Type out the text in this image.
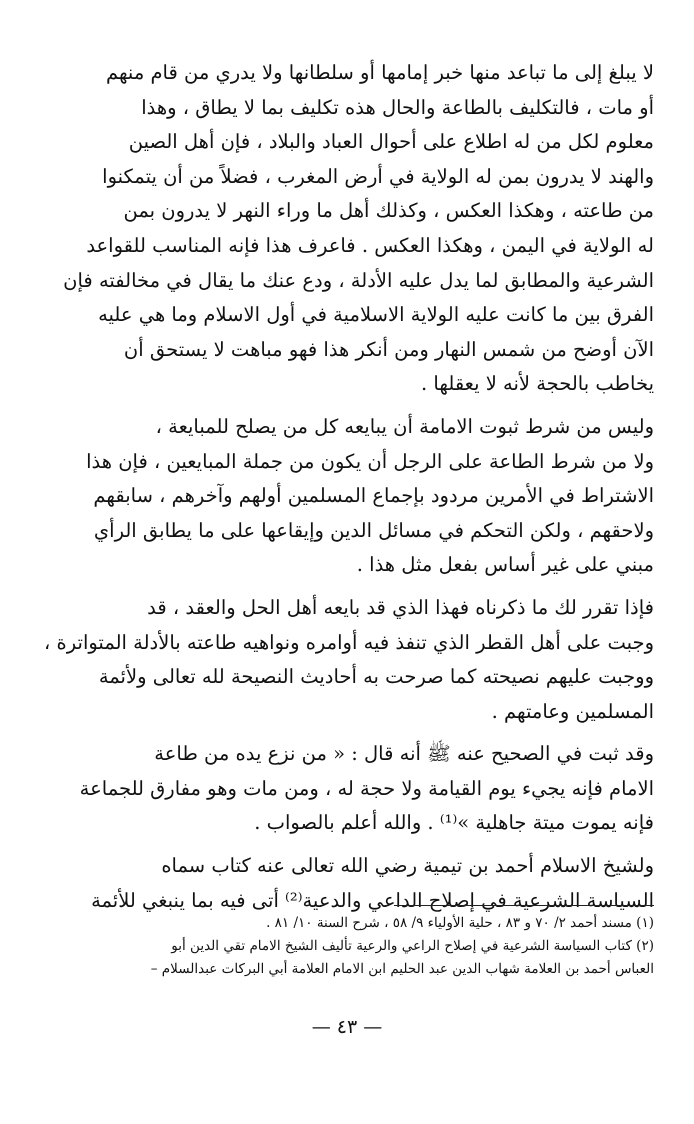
لا يبلغ إلى ما تباعد منها خبر إمامها أو سلطانها ولا يدري من قام منهم
أو مات ، فالتكليف بالطاعة والحال هذه تكليف بما لا يطاق ، وهذا
معلوم لكل من له اطلاع على أحوال العباد والبلاد ، فإن أهل الصين
والهند لا يدرون بمن له الولاية في أرض المغرب ، فضلاً من أن يتمكنوا
من طاعته ، وهكذا العكس ، وكذلك أهل ما وراء النهر لا يدرون بمن
له الولاية في اليمن ، وهكذا العكس . فاعرف هذا فإنه المناسب للقواعد
الشرعية والمطابق لما يدل عليه الأدلة ، ودع عنك ما يقال في مخالفته فإن
الفرق بين ما كانت عليه الولاية الاسلامية في أول الاسلام وما هي عليه
الآن أوضح من شمس النهار ومن أنكر هذا فهو مباهت لا يستحق أن
يخاطب بالحجة لأنه لا يعقلها .

وليس من شرط ثبوت الامامة أن يبايعه كل من يصلح للمبايعة ،
ولا من شرط الطاعة على الرجل أن يكون من جملة المبايعين ، فإن هذا
الاشتراط في الأمرين مردود بإجماع المسلمين أولهم وآخرهم ، سابقهم
ولاحقهم ، ولكن التحكم في مسائل الدين وإيقاعها على ما يطابق الرأي
مبني على غير أساس بفعل مثل هذا .

فإذا تقرر لك ما ذكرناه فهذا الذي قد بايعه أهل الحل والعقد ، قد
وجبت على أهل القطر الذي تنفذ فيه أوامره ونواهيه طاعته بالأدلة المتواترة ،
ووجبت عليهم نصيحته كما صرحت به أحاديث النصيحة لله تعالى ولأئمة
المسلمين وعامتهم .

وقد ثبت في الصحيح عنه ﷺ أنه قال : « من نزع يده من طاعة
الامام فإنه يجيء يوم القيامة ولا حجة له ، ومن مات وهو مفارق للجماعة
فإنه يموت ميتة جاهلية »⁽¹⁾ . والله أعلم بالصواب .

ولشيخ الاسلام أحمد بن تيمية رضي الله تعالى عنه كتاب سماه
السياسة الشرعية في إصلاح الداعي والدعية⁽²⁾ أتى فيه بما ينبغي للأئمة

(١) مسند أحمد ٢/ ٧٠ و ٨٣ ، حلية الأولياء ٩/ ٥٨ ، شرح السنة ١٠/ ٨١ .
(٢) كتاب السياسة الشرعية في إصلاح الراعي والرعية تأليف الشيخ الامام تقي الدين أبو
العباس أحمد بن العلامة شهاب الدين عبد الحليم ابن الامام العلامة أبي البركات عبدالسلام –
— ٤٣ —
